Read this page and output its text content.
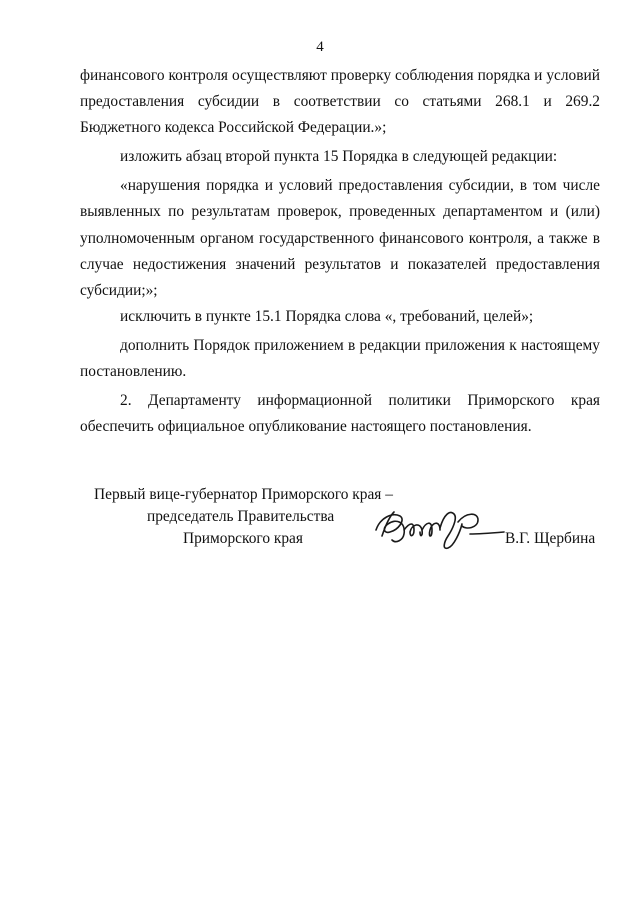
4

финансового контроля осуществляют проверку соблюдения порядка и условий предоставления субсидии в соответствии со статьями 268.1 и 269.2 Бюджетного кодекса Российской Федерации.»;

изложить абзац второй пункта 15 Порядка в следующей редакции:

«нарушения порядка и условий предоставления субсидии, в том числе выявленных по результатам проверок, проведенных департаментом и (или) уполномоченным органом государственного финансового контроля, а также в случае недостижения значений результатов и показателей предоставления субсидии;»;

исключить в пункте 15.1 Порядка слова «, требований, целей»;

дополнить Порядок приложением в редакции приложения к настоящему постановлению.

2. Департаменту информационной политики Приморского края обеспечить официальное опубликование настоящего постановления.

Первый вице-губернатор Приморского края –
председатель Правительства
Приморского края	В.Г. Щербина
